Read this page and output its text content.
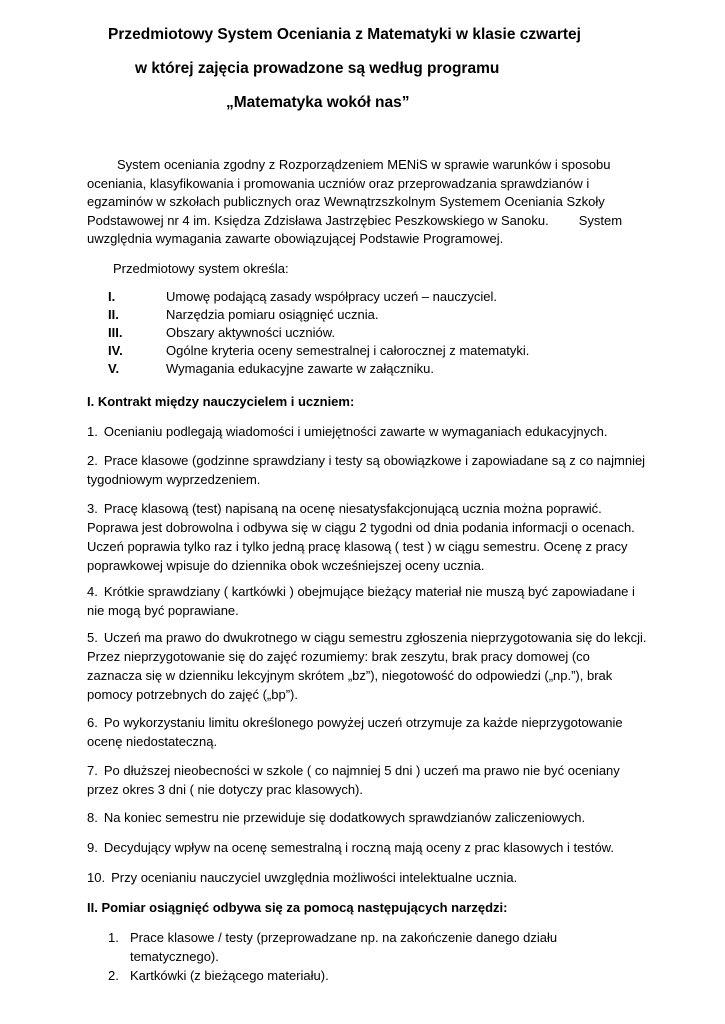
Przedmiotowy System Oceniania z Matematyki w klasie czwartej
w której zajęcia prowadzone są według programu
„Matematyka wokół nas”
System oceniania zgodny z Rozporządzeniem MENiS w sprawie warunków i sposobu oceniania, klasyfikowania i promowania uczniów oraz przeprowadzania sprawdzianów i egzaminów w szkołach publicznych oraz Wewnątrzszkolnym Systemem Oceniania Szkoły Podstawowej nr 4 im. Księdza Zdzisława Jastrzębiec Peszkowskiego w Sanoku. System uwzględnia wymagania zawarte obowiązującej Podstawie Programowej.
Przedmiotowy system określa:
I.	Umowę podającą zasady współpracy uczeń – nauczyciel.
II.	Narzędzia pomiaru osiągnięć ucznia.
III.	Obszary aktywności uczniów.
IV.	Ogólne kryteria oceny semestralnej i całorocznej z matematyki.
V.	Wymagania edukacyjne zawarte w załączniku.
I. Kontrakt między nauczycielem i uczniem:
1. Ocenianiu podlegają wiadomości i umiejętności zawarte w wymaganiach edukacyjnych.
2. Prace klasowe (godzinne sprawdziany i testy są obowiązkowe i zapowiadane są z co najmniej tygodniowym wyprzedzeniem.
3. Pracę klasową (test) napisaną na ocenę niesatysfakcjonującą ucznia można poprawić. Poprawa jest dobrowolna i odbywa się w ciągu 2 tygodni od dnia podania informacji o ocenach. Uczeń poprawia tylko raz i tylko jedną pracę klasową ( test ) w ciągu semestru. Ocenę z pracy poprawkowej wpisuje do dziennika obok wcześniejszej oceny ucznia.
4. Krótkie sprawdziany ( kartkówki ) obejmujące bieżący materiał nie muszą być zapowiadane i nie mogą być poprawiane.
5. Uczeń ma prawo do dwukrotnego w ciągu semestru zgłoszenia nieprzygotowania się do lekcji. Przez nieprzygotowanie się do zajęć rozumiemy: brak zeszytu, brak pracy domowej (co zaznacza się w dzienniku lekcyjnym skrótem „bz”), niegotowość do odpowiedzi („np.”), brak pomocy potrzebnych do zajęć („bp”).
6. Po wykorzystaniu limitu określonego powyżej uczeń otrzymuje za każde nieprzygotowanie ocenę niedostateczną.
7. Po dłuższej nieobecności w szkole ( co najmniej 5 dni ) uczeń ma prawo nie być oceniany przez okres 3 dni ( nie dotyczy prac klasowych).
8. Na koniec semestru nie przewiduje się dodatkowych sprawdzianów zaliczeniowych.
9. Decydujący wpływ na ocenę semestralną i roczną mają oceny z prac klasowych i testów.
10. Przy ocenianiu nauczyciel uwzględnia możliwości intelektualne ucznia.
II. Pomiar osiągnięć odbywa się za pomocą następujących narzędzi:
1. Prace klasowe / testy (przeprowadzane np. na zakończenie danego działu tematycznego).
2. Kartkówki (z bieżącego materiału).
